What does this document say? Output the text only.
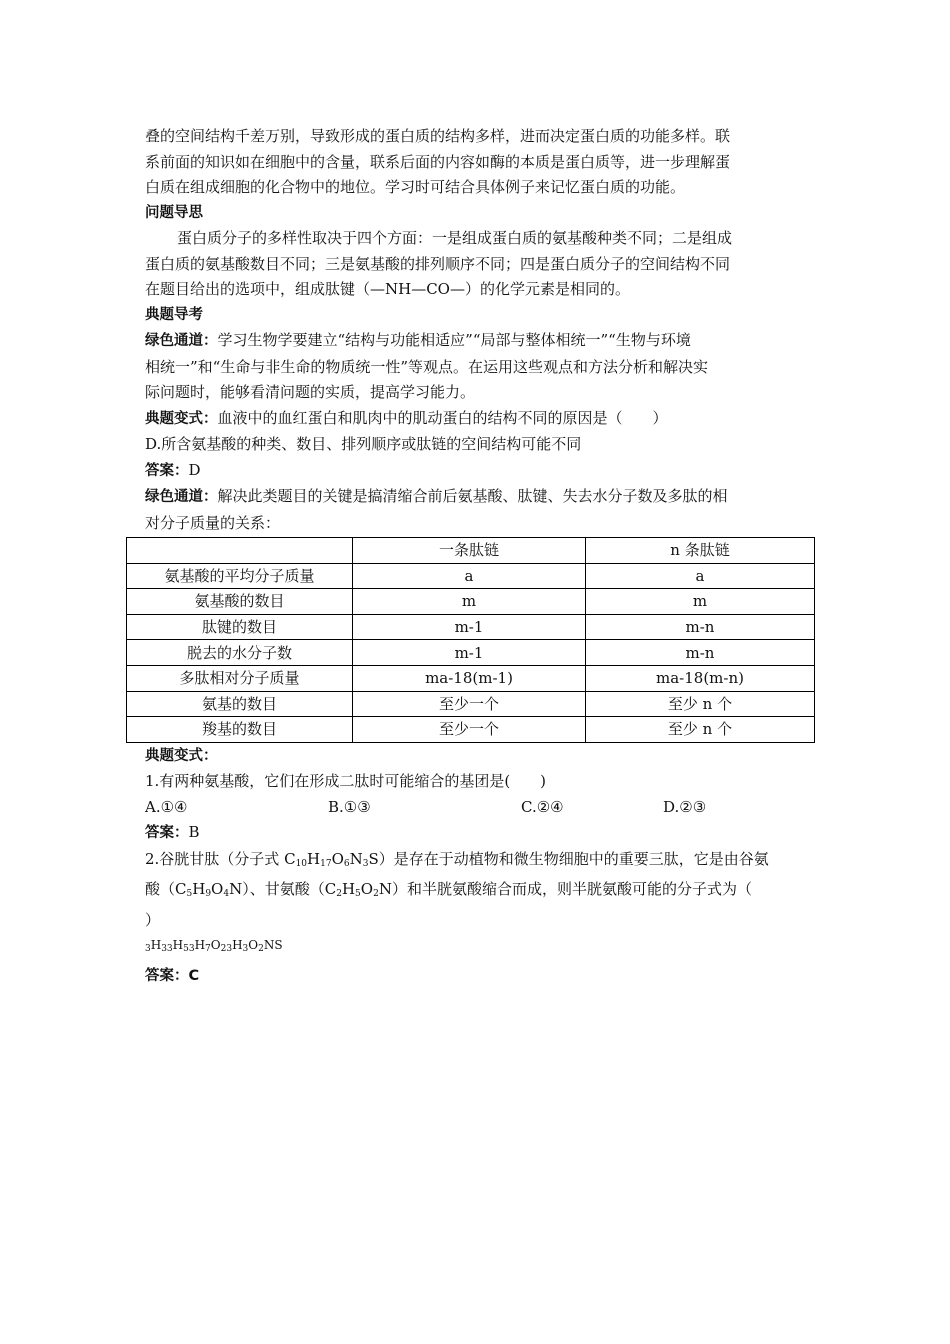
叠的空间结构千差万别，导致形成的蛋白质的结构多样，进而决定蛋白质的功能多样。联

系前面的知识如在细胞中的含量，联系后面的内容如酶的本质是蛋白质等，进一步理解蛋

白质在组成细胞的化合物中的地位。学习时可结合具体例子来记忆蛋白质的功能。

问题导思

蛋白质分子的多样性取决于四个方面：一是组成蛋白质的氨基酸种类不同；二是组成

蛋白质的氨基酸数目不同；三是氨基酸的排列顺序不同；四是蛋白质分子的空间结构不同

在题目给出的选项中，组成肽键（—NH—CO—）的化学元素是相同的。

典题导考

绿色通道：学习生物学要建立“结构与功能相适应”“局部与整体相统一”“生物与环境

相统一”和“生命与非生命的物质统一性”等观点。在运用这些观点和方法分析和解决实

际问题时，能够看清问题的实质，提高学习能力。

典题变式：血液中的血红蛋白和肌肉中的肌动蛋白的结构不同的原因是（　　）

D.所含氨基酸的种类、数目、排列顺序或肽链的空间结构可能不同

答案：D

绿色通道：解决此类题目的关键是搞清缩合前后氨基酸、肽键、失去水分子数及多肽的相

对分子质量的关系：

	一条肽链	n 条肽链
氨基酸的平均分子质量	a	a
氨基酸的数目	m	m
肽键的数目	m-1	m-n
脱去的水分子数	m-1	m-n
多肽相对分子质量	ma-18(m-1)	ma-18(m-n)
氨基的数目	至少一个	至少 n 个
羧基的数目	至少一个	至少 n 个

典题变式：

1.有两种氨基酸，它们在形成二肽时可能缩合的基团是(　　)

A.①④	B.①③	C.②④	D.②③

答案：B

2.谷胱甘肽（分子式 $C_{10}H_{17}O_6N_3S$）是存在于动植物和微生物细胞中的重要三肽，它是由谷氨

酸$(C_5H_9O_4N)$、甘氨酸$(C_2H_5O_2N)$和半胱氨酸缩合而成，则半胱氨酸可能的分子式为（

）

$_3H_{33}H_{53}H_7O_{23}H_3O_2NS$

答案：C
